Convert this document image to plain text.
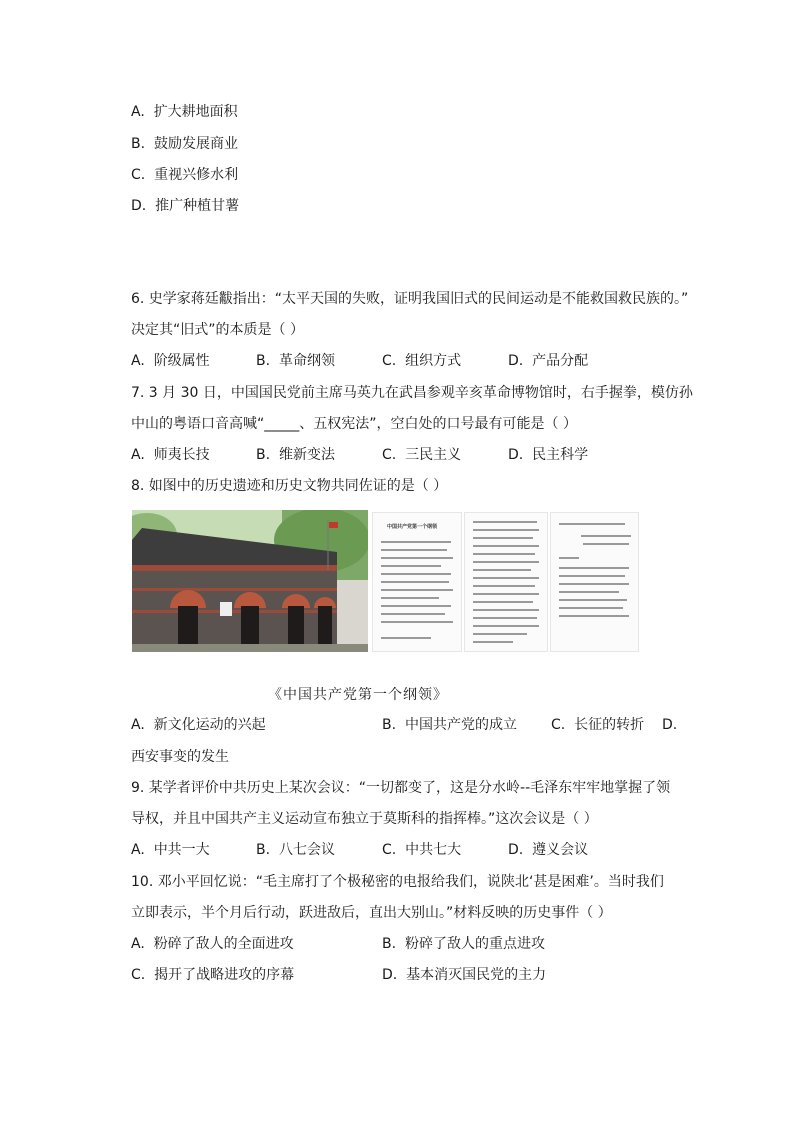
A. 扩大耕地面积
B. 鼓励发展商业
C. 重视兴修水利
D. 推广种植甘薯
6. 史学家蒋廷黻指出：“太平天国的失败，证明我国旧式的民间运动是不能救国救民族的。”
决定其“旧式”的本质是（ ）
A. 阶级属性	B. 革命纲领	C. 组织方式	D. 产品分配
7. 3 月 30 日，中国国民党前主席马英九在武昌参观辛亥革命博物馆时，右手握拳，模仿孙
中山的粤语口音高喊“_____、五权宪法”，空白处的口号最有可能是（ ）
A. 师夷长技	B. 维新变法	C. 三民主义	D. 民主科学
8. 如图中的历史遗迹和历史文物共同佐证的是（ ）
中国共产党第一个纲领
《中国共产党第一个纲领》
A. 新文化运动的兴起	B. 中国共产党的成立 C. 长征的转折 D.
西安事变的发生
9. 某学者评价中共历史上某次会议：“一切都变了，这是分水岭--毛泽东牢牢地掌握了领
导权，并且中国共产主义运动宣布独立于莫斯科的指挥棒。”这次会议是（ ）
A. 中共一大	B. 八七会议	C. 中共七大	D. 遵义会议
10. 邓小平回忆说：“毛主席打了个极秘密的电报给我们，说陕北‘甚是困难’。当时我们
立即表示，半个月后行动，跃进敌后，直出大别山。”材料反映的历史事件（ ）
A. 粉碎了敌人的全面进攻	B. 粉碎了敌人的重点进攻
C. 揭开了战略进攻的序幕	D. 基本消灭国民党的主力
